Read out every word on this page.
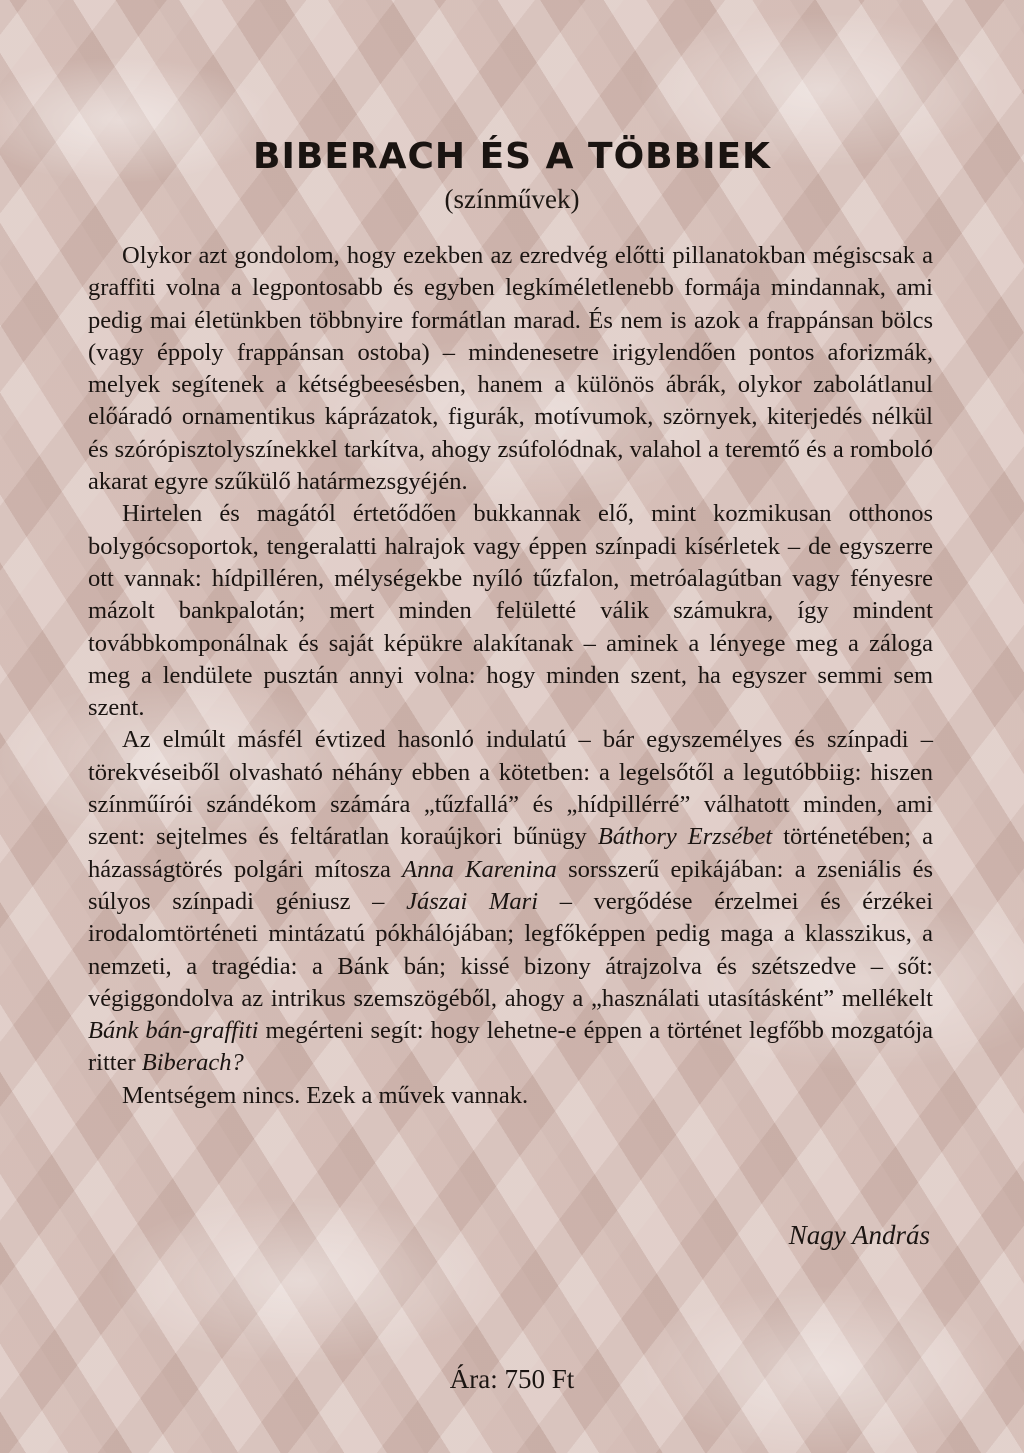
BIBERACH ÉS A TÖBBIEK
(színművek)

Olykor azt gondolom, hogy ezekben az ezredvég előtti pillanatokban mégiscsak a graffiti volna a legpontosabb és egyben legkíméletlenebb formája mindannak, ami pedig mai életünkben többnyire formátlan marad. És nem is azok a frappánsan bölcs (vagy éppoly frappánsan ostoba) – mindenesetre irigylendően pontos aforizmák, melyek segítenek a kétségbeesésben, hanem a különös ábrák, olykor zabolátlanul előáradó ornamentikus káprázatok, figurák, motívumok, szörnyek, kiterjedés nélkül és szórópisztolyszínekkel tarkítva, ahogy zsúfolódnak, valahol a teremtő és a romboló akarat egyre szűkülő határmezsgyéjén.

Hirtelen és magától értetődően bukkannak elő, mint kozmikusan otthonos bolygócsoportok, tengeralatti halrajok vagy éppen színpadi kísérletek – de egyszerre ott vannak: hídpilléren, mélységekbe nyíló tűzfalon, metróalagútban vagy fényesre mázolt bankpalotán; mert minden felületté válik számukra, így mindent továbbkomponálnak és saját képükre alakítanak – aminek a lényege meg a záloga meg a lendülete pusztán annyi volna: hogy minden szent, ha egyszer semmi sem szent.

Az elmúlt másfél évtized hasonló indulatú – bár egyszemélyes és színpadi – törekvéseiből olvasható néhány ebben a kötetben: a legelsőtől a legutóbbiig: hiszen színműírói szándékom számára „tűzfallá” és „hídpillérré” válhatott minden, ami szent: sejtelmes és feltáratlan koraújkori bűnügy Báthory Erzsébet történetében; a házasságtörés polgári mítosza Anna Karenina sorsszerű epikájában: a zseniális és súlyos színpadi géniusz – Jászai Mari – vergődése érzelmei és érzékei irodalomtörténeti mintázatú pókhálójában; legfőképpen pedig maga a klasszikus, a nemzeti, a tragédia: a Bánk bán; kissé bizony átrajzolva és szétszedve – sőt: végiggondolva az intrikus szemszögéből, ahogy a „használati utasításként” mellékelt Bánk bán-graffiti megérteni segít: hogy lehetne-e éppen a történet legfőbb mozgatója ritter Biberach?

Mentségem nincs. Ezek a művek vannak.

Nagy András
Ára: 750 Ft
